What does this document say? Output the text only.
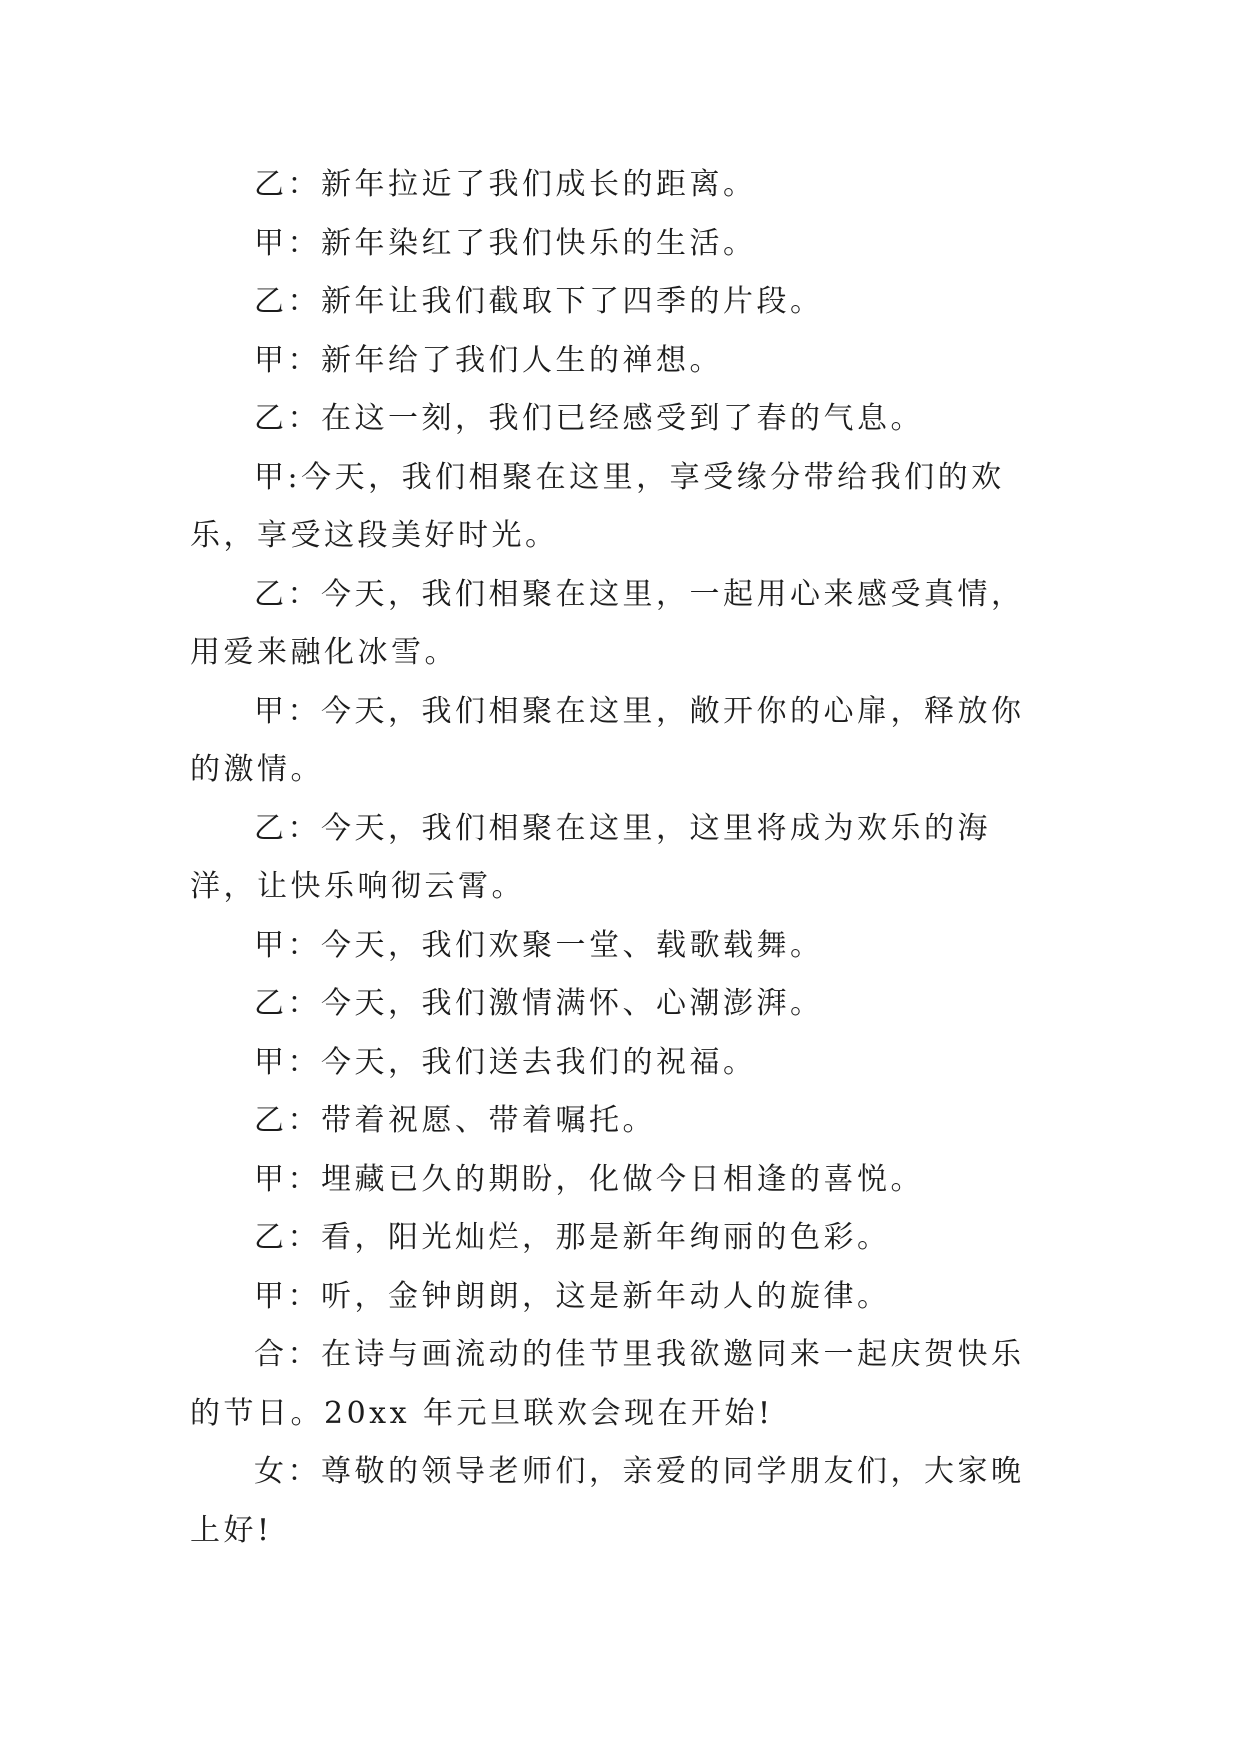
乙：新年拉近了我们成长的距离。

甲：新年染红了我们快乐的生活。

乙：新年让我们截取下了四季的片段。

甲：新年给了我们人生的禅想。

乙：在这一刻，我们已经感受到了春的气息。

甲:今天，我们相聚在这里，享受缘分带给我们的欢乐，享受这段美好时光。

乙：今天，我们相聚在这里，一起用心来感受真情，用爱来融化冰雪。

甲：今天，我们相聚在这里，敞开你的心扉，释放你的激情。

乙：今天，我们相聚在这里，这里将成为欢乐的海洋，让快乐响彻云霄。

甲：今天，我们欢聚一堂、载歌载舞。

乙：今天，我们激情满怀、心潮澎湃。

甲：今天，我们送去我们的祝福。

乙：带着祝愿、带着嘱托。

甲：埋藏已久的期盼，化做今日相逢的喜悦。

乙：看，阳光灿烂，那是新年绚丽的色彩。

甲：听，金钟朗朗，这是新年动人的旋律。

合：在诗与画流动的佳节里我欲邀同来一起庆贺快乐的节日。20xx 年元旦联欢会现在开始!

女：尊敬的领导老师们，亲爱的同学朋友们，大家晚上好!
